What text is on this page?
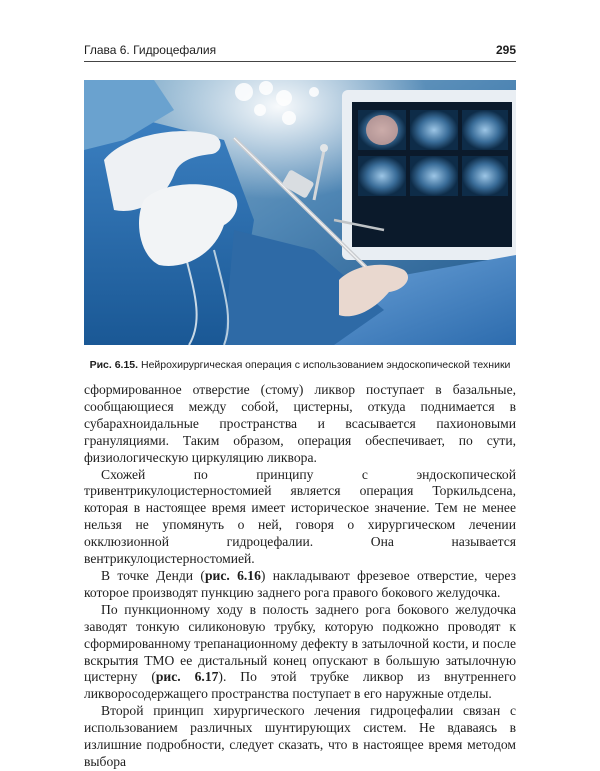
Глава 6. Гидроцефалия	295
Рис. 6.15. Нейрохирургическая операция с использованием эндоскопической техники

сформированное отверстие (стому) ликвор поступает в базальные, сообщающиеся между собой, цистерны, откуда поднимается в субарахноидальные пространства и всасывается пахионовыми грануляциями. Таким образом, операция обеспечивает, по сути, физиологическую циркуляцию ликвора.

Схожей по принципу с эндоскопической тривентрикулоцистерностомией является операция Торкильдсена, которая в настоящее время имеет историческое значение. Тем не менее нельзя не упомянуть о ней, говоря о хирургическом лечении окклюзионной гидроцефалии. Она называется вентрикулоцистерностомией.

В точке Денди (рис. 6.16) накладывают фрезевое отверстие, через которое производят пункцию заднего рога правого бокового желудочка.

По пункционному ходу в полость заднего рога бокового желудочка заводят тонкую силиконовую трубку, которую подкожно проводят к сформированному трепанационному дефекту в затылочной кости, и после вскрытия ТМО ее дистальный конец опускают в большую затылочную цистерну (рис. 6.17). По этой трубке ликвор из внутреннего ликворосодержащего пространства поступает в его наружные отделы.

Второй принцип хирургического лечения гидроцефалии связан с использованием различных шунтирующих систем. Не вдаваясь в излишние подробности, следует сказать, что в настоящее время методом выбора
